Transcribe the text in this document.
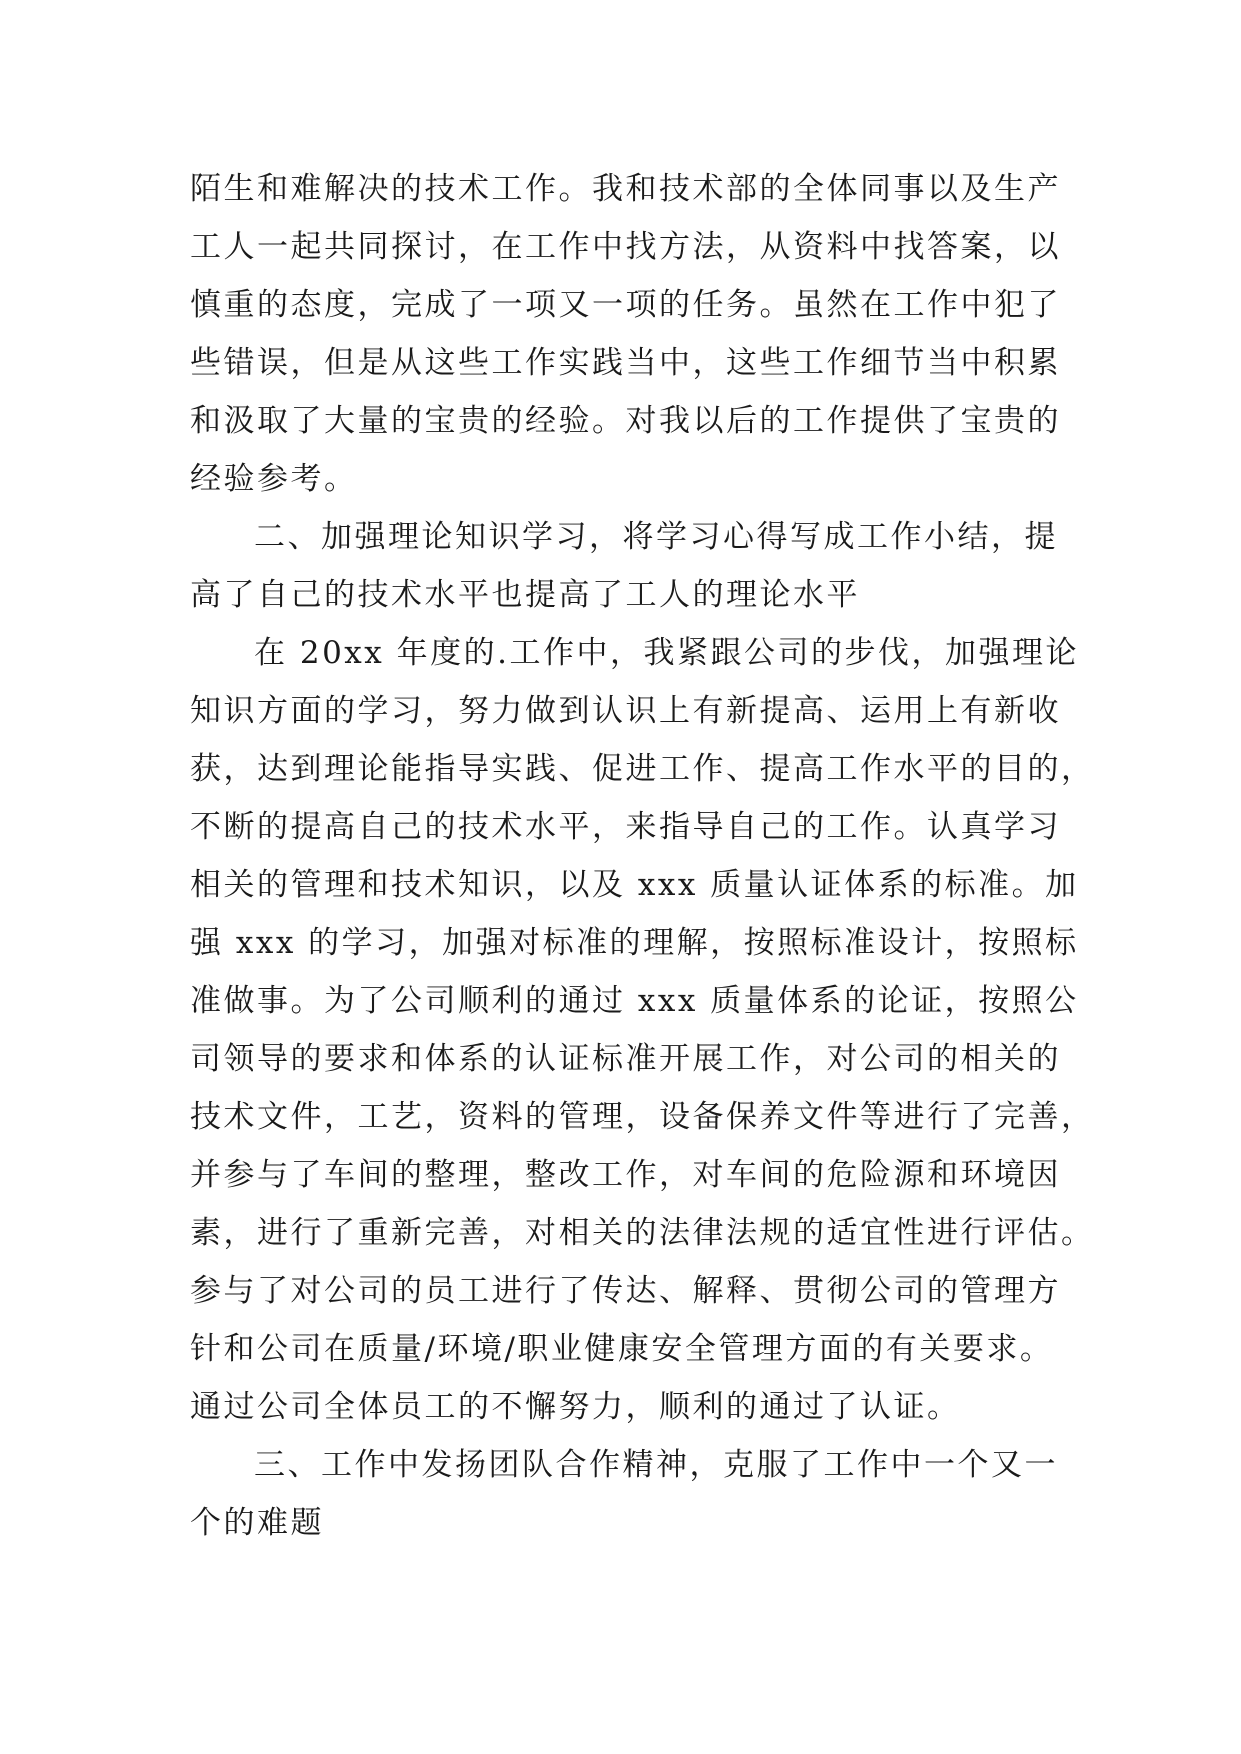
陌生和难解决的技术工作。我和技术部的全体同事以及生产
工人一起共同探讨，在工作中找方法，从资料中找答案，以
慎重的态度，完成了一项又一项的任务。虽然在工作中犯了
些错误，但是从这些工作实践当中，这些工作细节当中积累
和汲取了大量的宝贵的经验。对我以后的工作提供了宝贵的
经验参考。
二、加强理论知识学习，将学习心得写成工作小结，提
高了自己的技术水平也提高了工人的理论水平
在 20xx 年度的.工作中，我紧跟公司的步伐，加强理论
知识方面的学习，努力做到认识上有新提高、运用上有新收
获，达到理论能指导实践、促进工作、提高工作水平的目的，
不断的提高自己的技术水平，来指导自己的工作。认真学习
相关的管理和技术知识，以及 xxx 质量认证体系的标准。加
强 xxx 的学习，加强对标准的理解，按照标准设计，按照标
准做事。为了公司顺利的通过 xxx 质量体系的论证，按照公
司领导的要求和体系的认证标准开展工作，对公司的相关的
技术文件，工艺，资料的管理，设备保养文件等进行了完善，
并参与了车间的整理，整改工作，对车间的危险源和环境因
素，进行了重新完善，对相关的法律法规的适宜性进行评估。
参与了对公司的员工进行了传达、解释、贯彻公司的管理方
针和公司在质量/环境/职业健康安全管理方面的有关要求。
通过公司全体员工的不懈努力，顺利的通过了认证。
三、工作中发扬团队合作精神，克服了工作中一个又一
个的难题
